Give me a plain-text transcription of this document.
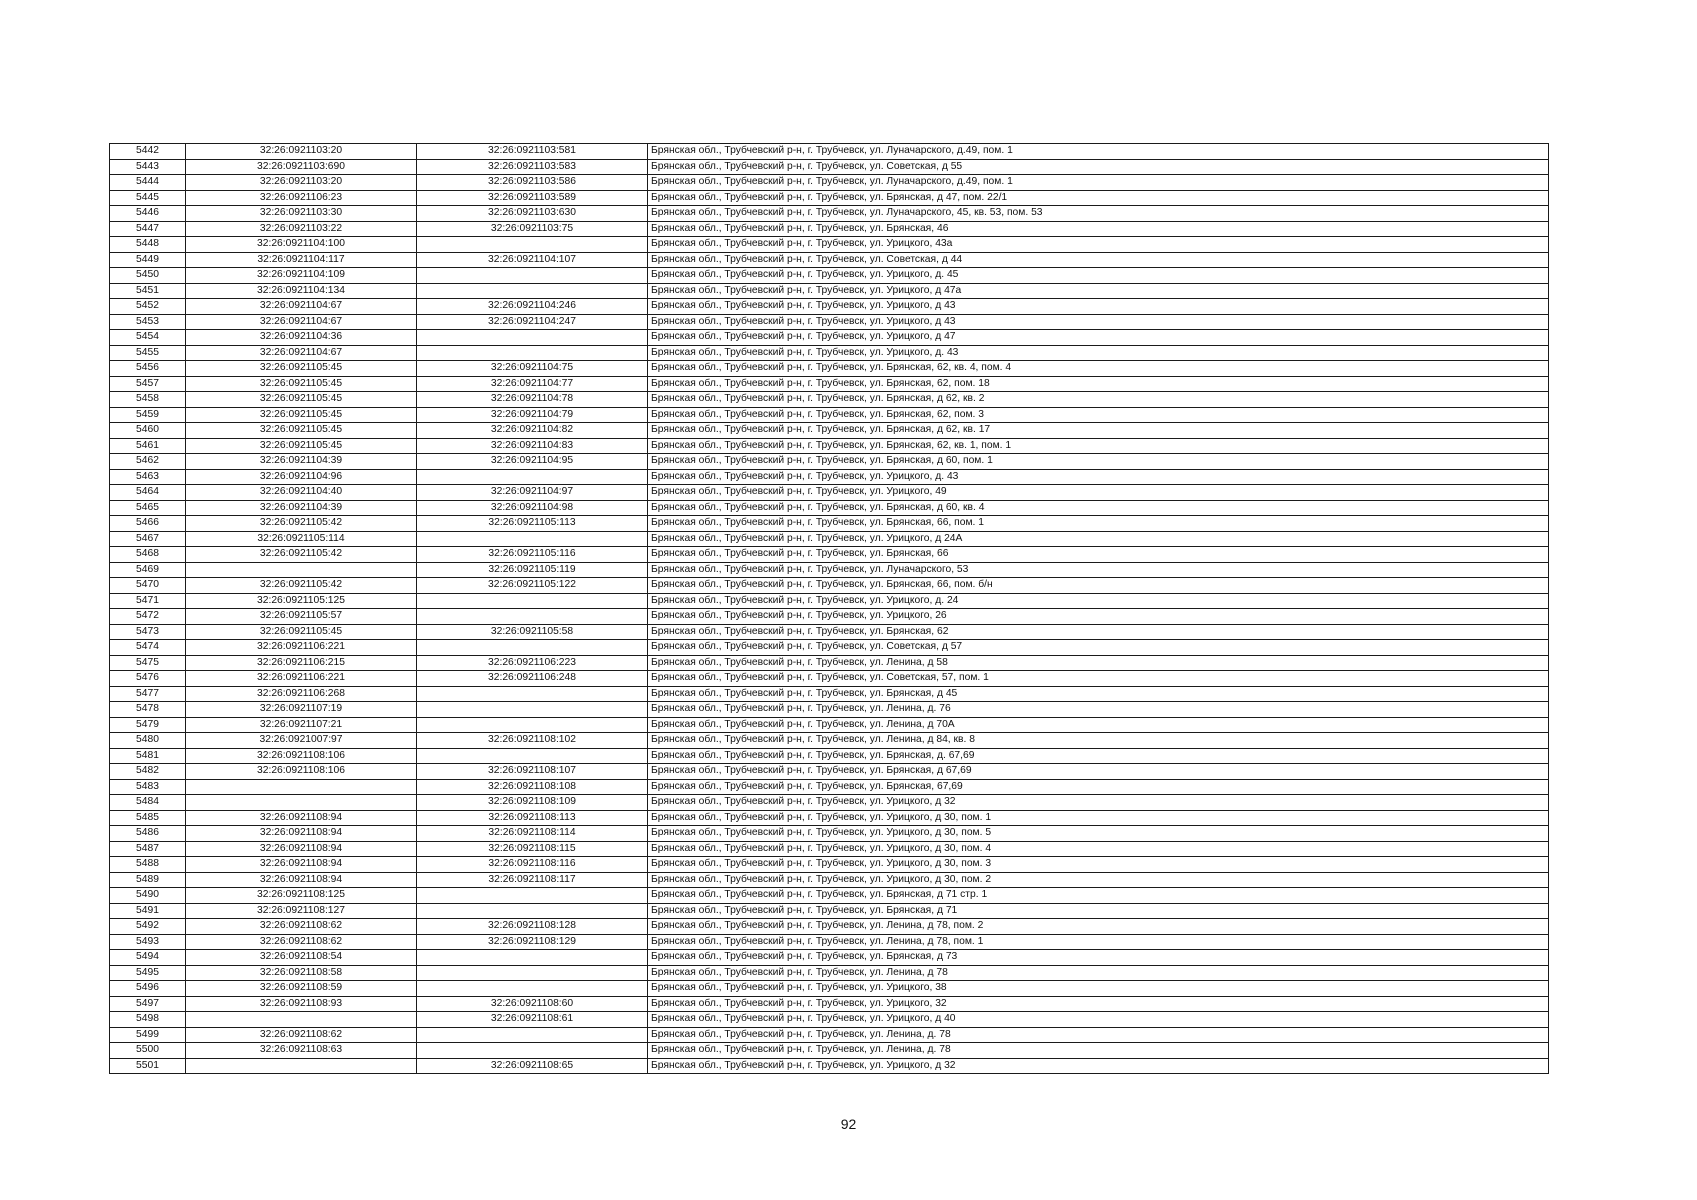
5442	32:26:0921103:20	32:26:0921103:581	Брянская обл., Трубчевский р-н, г. Трубчевск, ул. Луначарского, д.49, пом. 1
5443	32:26:0921103:690	32:26:0921103:583	Брянская обл., Трубчевский р-н, г. Трубчевск, ул. Советская, д 55
5444	32:26:0921103:20	32:26:0921103:586	Брянская обл., Трубчевский р-н, г. Трубчевск, ул. Луначарского, д.49, пом. 1
5445	32:26:0921106:23	32:26:0921103:589	Брянская обл., Трубчевский р-н, г. Трубчевск, ул. Брянская, д 47, пом. 22/1
5446	32:26:0921103:30	32:26:0921103:630	Брянская обл., Трубчевский р-н, г. Трубчевск, ул. Луначарского, 45, кв. 53, пом. 53
5447	32:26:0921103:22	32:26:0921103:75	Брянская обл., Трубчевский р-н, г. Трубчевск, ул. Брянская, 46
5448	32:26:0921104:100		Брянская обл., Трубчевский р-н, г. Трубчевск, ул. Урицкого, 43а
5449	32:26:0921104:117	32:26:0921104:107	Брянская обл., Трубчевский р-н, г. Трубчевск, ул. Советская, д 44
5450	32:26:0921104:109		Брянская обл., Трубчевский р-н, г. Трубчевск, ул. Урицкого, д. 45
5451	32:26:0921104:134		Брянская обл., Трубчевский р-н, г. Трубчевск, ул. Урицкого, д 47а
5452	32:26:0921104:67	32:26:0921104:246	Брянская обл., Трубчевский р-н, г. Трубчевск, ул. Урицкого, д 43
5453	32:26:0921104:67	32:26:0921104:247	Брянская обл., Трубчевский р-н, г. Трубчевск, ул. Урицкого, д 43
5454	32:26:0921104:36		Брянская обл., Трубчевский р-н, г. Трубчевск, ул. Урицкого, д 47
5455	32:26:0921104:67		Брянская обл., Трубчевский р-н, г. Трубчевск, ул. Урицкого, д. 43
5456	32:26:0921105:45	32:26:0921104:75	Брянская обл., Трубчевский р-н, г. Трубчевск, ул. Брянская, 62, кв. 4, пом. 4
5457	32:26:0921105:45	32:26:0921104:77	Брянская обл., Трубчевский р-н, г. Трубчевск, ул. Брянская, 62, пом. 18
5458	32:26:0921105:45	32:26:0921104:78	Брянская обл., Трубчевский р-н, г. Трубчевск, ул. Брянская, д 62, кв. 2
5459	32:26:0921105:45	32:26:0921104:79	Брянская обл., Трубчевский р-н, г. Трубчевск, ул. Брянская, 62, пом. 3
5460	32:26:0921105:45	32:26:0921104:82	Брянская обл., Трубчевский р-н, г. Трубчевск, ул. Брянская, д 62, кв. 17
5461	32:26:0921105:45	32:26:0921104:83	Брянская обл., Трубчевский р-н, г. Трубчевск, ул. Брянская, 62, кв. 1, пом. 1
5462	32:26:0921104:39	32:26:0921104:95	Брянская обл., Трубчевский р-н, г. Трубчевск, ул. Брянская, д 60, пом. 1
5463	32:26:0921104:96		Брянская обл., Трубчевский р-н, г. Трубчевск, ул. Урицкого, д. 43
5464	32:26:0921104:40	32:26:0921104:97	Брянская обл., Трубчевский р-н, г. Трубчевск, ул. Урицкого, 49
5465	32:26:0921104:39	32:26:0921104:98	Брянская обл., Трубчевский р-н, г. Трубчевск, ул. Брянская, д 60, кв. 4
5466	32:26:0921105:42	32:26:0921105:113	Брянская обл., Трубчевский р-н, г. Трубчевск, ул. Брянская, 66, пом. 1
5467	32:26:0921105:114		Брянская обл., Трубчевский р-н, г. Трубчевск, ул. Урицкого, д 24А
5468	32:26:0921105:42	32:26:0921105:116	Брянская обл., Трубчевский р-н, г. Трубчевск, ул. Брянская, 66
5469		32:26:0921105:119	Брянская обл., Трубчевский р-н, г. Трубчевск, ул. Луначарского, 53
5470	32:26:0921105:42	32:26:0921105:122	Брянская обл., Трубчевский р-н, г. Трубчевск, ул. Брянская, 66, пом. б/н
5471	32:26:0921105:125		Брянская обл., Трубчевский р-н, г. Трубчевск, ул. Урицкого, д. 24
5472	32:26:0921105:57		Брянская обл., Трубчевский р-н, г. Трубчевск, ул. Урицкого, 26
5473	32:26:0921105:45	32:26:0921105:58	Брянская обл., Трубчевский р-н, г. Трубчевск, ул. Брянская, 62
5474	32:26:0921106:221		Брянская обл., Трубчевский р-н, г. Трубчевск, ул. Советская, д 57
5475	32:26:0921106:215	32:26:0921106:223	Брянская обл., Трубчевский р-н, г. Трубчевск, ул. Ленина, д 58
5476	32:26:0921106:221	32:26:0921106:248	Брянская обл., Трубчевский р-н, г. Трубчевск, ул. Советская, 57, пом. 1
5477	32:26:0921106:268		Брянская обл., Трубчевский р-н, г. Трубчевск, ул. Брянская, д 45
5478	32:26:0921107:19		Брянская обл., Трубчевский р-н, г. Трубчевск, ул. Ленина, д. 76
5479	32:26:0921107:21		Брянская обл., Трубчевский р-н, г. Трубчевск, ул. Ленина, д 70А
5480	32:26:0921007:97	32:26:0921108:102	Брянская обл., Трубчевский р-н, г. Трубчевск, ул. Ленина, д 84, кв. 8
5481	32:26:0921108:106		Брянская обл., Трубчевский р-н, г. Трубчевск, ул. Брянская, д. 67,69
5482	32:26:0921108:106	32:26:0921108:107	Брянская обл., Трубчевский р-н, г. Трубчевск, ул. Брянская, д 67,69
5483		32:26:0921108:108	Брянская обл., Трубчевский р-н, г. Трубчевск, ул. Брянская, 67,69
5484		32:26:0921108:109	Брянская обл., Трубчевский р-н, г. Трубчевск, ул. Урицкого, д 32
5485	32:26:0921108:94	32:26:0921108:113	Брянская обл., Трубчевский р-н, г. Трубчевск, ул. Урицкого, д 30, пом. 1
5486	32:26:0921108:94	32:26:0921108:114	Брянская обл., Трубчевский р-н, г. Трубчевск, ул. Урицкого, д 30, пом. 5
5487	32:26:0921108:94	32:26:0921108:115	Брянская обл., Трубчевский р-н, г. Трубчевск, ул. Урицкого, д 30, пом. 4
5488	32:26:0921108:94	32:26:0921108:116	Брянская обл., Трубчевский р-н, г. Трубчевск, ул. Урицкого, д 30, пом. 3
5489	32:26:0921108:94	32:26:0921108:117	Брянская обл., Трубчевский р-н, г. Трубчевск, ул. Урицкого, д 30, пом. 2
5490	32:26:0921108:125		Брянская обл., Трубчевский р-н, г. Трубчевск, ул. Брянская, д 71 стр. 1
5491	32:26:0921108:127		Брянская обл., Трубчевский р-н, г. Трубчевск, ул. Брянская, д 71
5492	32:26:0921108:62	32:26:0921108:128	Брянская обл., Трубчевский р-н, г. Трубчевск, ул. Ленина, д 78, пом. 2
5493	32:26:0921108:62	32:26:0921108:129	Брянская обл., Трубчевский р-н, г. Трубчевск, ул. Ленина, д 78, пом. 1
5494	32:26:0921108:54		Брянская обл., Трубчевский р-н, г. Трубчевск, ул. Брянская, д 73
5495	32:26:0921108:58		Брянская обл., Трубчевский р-н, г. Трубчевск, ул. Ленина, д 78
5496	32:26:0921108:59		Брянская обл., Трубчевский р-н, г. Трубчевск, ул. Урицкого, 38
5497	32:26:0921108:93	32:26:0921108:60	Брянская обл., Трубчевский р-н, г. Трубчевск, ул. Урицкого, 32
5498		32:26:0921108:61	Брянская обл., Трубчевский р-н, г. Трубчевск, ул. Урицкого, д 40
5499	32:26:0921108:62		Брянская обл., Трубчевский р-н, г. Трубчевск, ул. Ленина, д. 78
5500	32:26:0921108:63		Брянская обл., Трубчевский р-н, г. Трубчевск, ул. Ленина, д. 78
5501		32:26:0921108:65	Брянская обл., Трубчевский р-н, г. Трубчевск, ул. Урицкого, д 32
92
